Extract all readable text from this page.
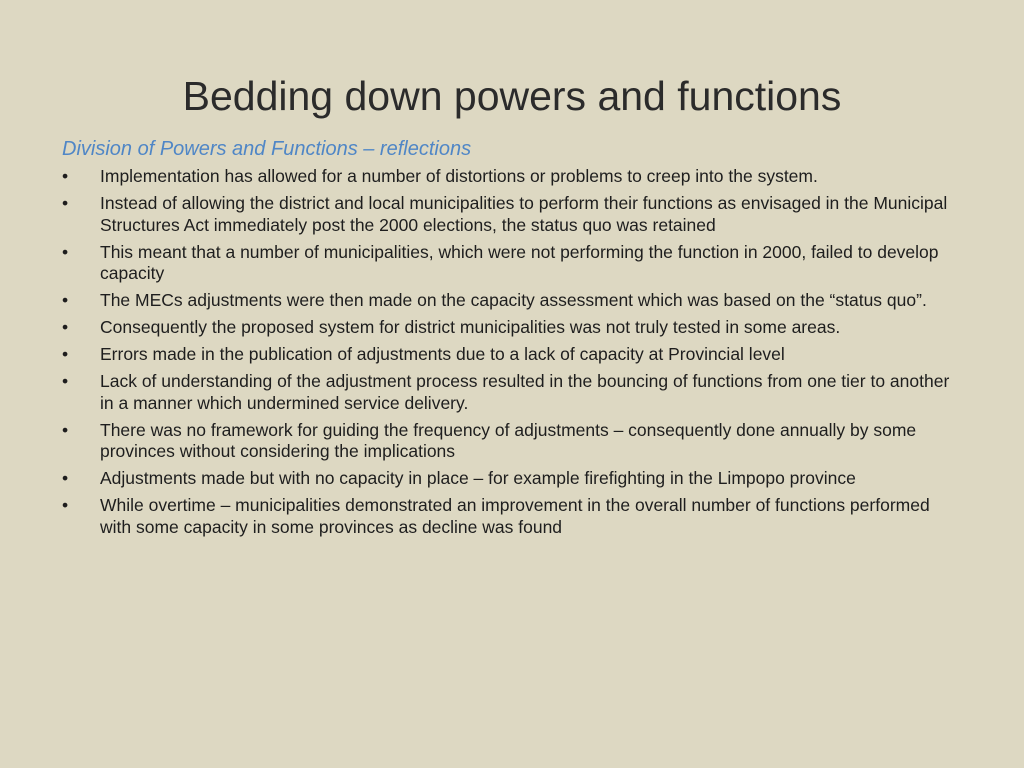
Bedding down powers and functions

Division of Powers and Functions – reflections

•	Implementation has allowed for a number of distortions or problems to creep into the system.
•	Instead of allowing the district and local municipalities to perform their functions as envisaged in the Municipal Structures Act immediately post the 2000 elections, the status quo was retained
•	This meant that a number of municipalities, which were not performing the function in 2000, failed to develop capacity
•	The MECs adjustments were then made on the capacity assessment which was based on the “status quo”.
•	Consequently the proposed system for district municipalities was not truly tested in some areas.
•	Errors made in the publication of adjustments due to a lack of capacity at Provincial level
•	Lack of understanding of the adjustment process resulted in the bouncing of functions from one tier to another in a manner which undermined service delivery.
•	There was no framework for guiding the frequency of adjustments – consequently done annually by some provinces without considering the implications
•	Adjustments made but with no capacity in place – for example firefighting in the Limpopo province
•	While overtime – municipalities demonstrated an improvement in the overall number of functions performed with some capacity in some provinces as decline was found
